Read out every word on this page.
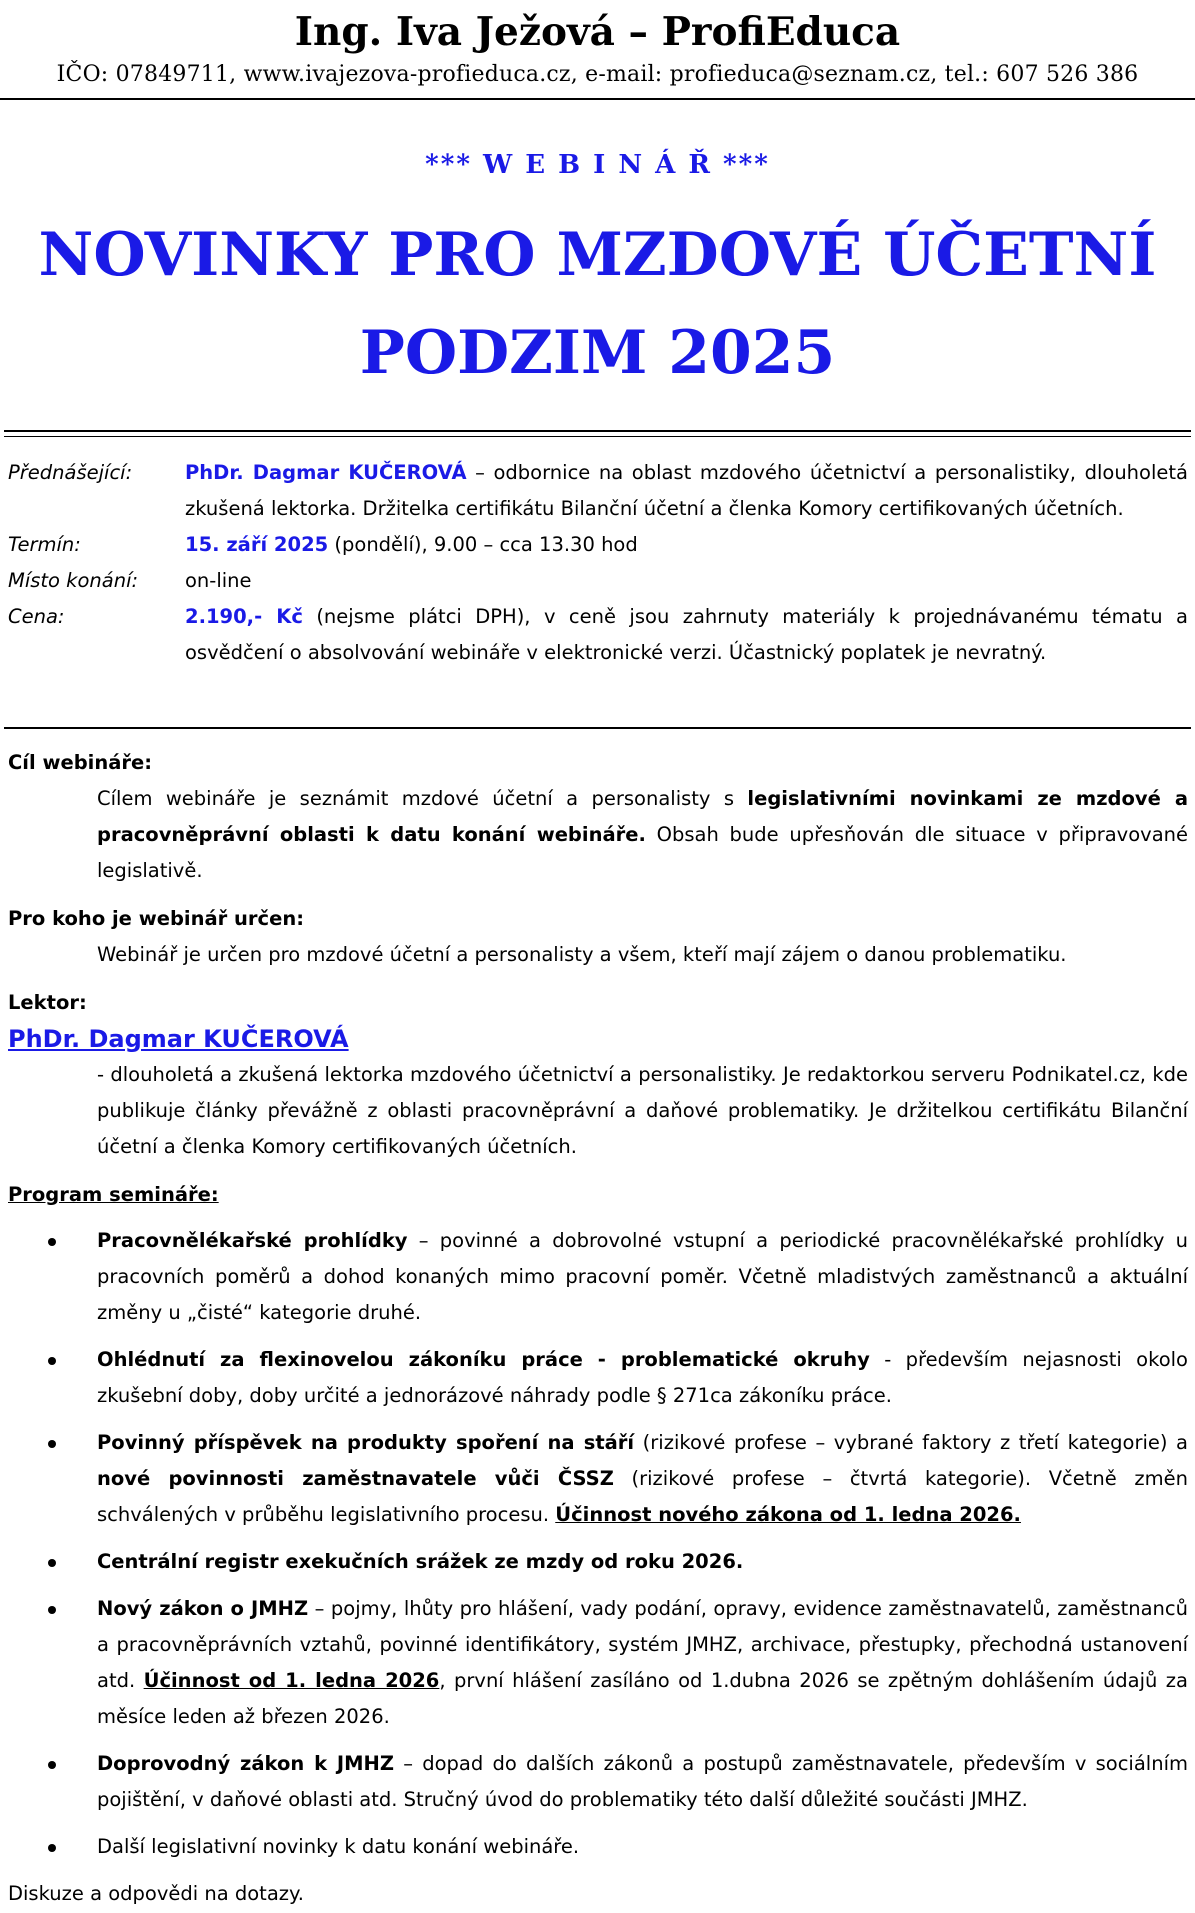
Ing. Iva Ježová – ProfiEduca
IČO: 07849711, www.ivajezova-profieduca.cz, e-mail: profieduca@seznam.cz, tel.: 607 526 386
*** W E B I N Á Ř ***
NOVINKY PRO MZDOVÉ ÚČETNÍ
PODZIM 2025
Přednášející:	PhDr. Dagmar KUČEROVÁ – odbornice na oblast mzdového účetnictví a personalistiky, dlouholetá zkušená lektorka. Držitelka certifikátu Bilanční účetní a členka Komory certifikovaných účetních.
Termín:	15. září 2025 (pondělí), 9.00 – cca 13.30 hod
Místo konání:	on-line
Cena:	2.190,- Kč (nejsme plátci DPH), v ceně jsou zahrnuty materiály k projednávanému tématu a osvědčení o absolvování webináře v elektronické verzi. Účastnický poplatek je nevratný.
Cíl webináře:
Cílem webináře je seznámit mzdové účetní a personalisty s legislativními novinkami ze mzdové a pracovněprávní oblasti k datu konání webináře. Obsah bude upřesňován dle situace v připravované legislativě.
Pro koho je webinář určen:
Webinář je určen pro mzdové účetní a personalisty a všem, kteří mají zájem o danou problematiku.
Lektor:
PhDr. Dagmar KUČEROVÁ
- dlouholetá a zkušená lektorka mzdového účetnictví a personalistiky. Je redaktorkou serveru Podnikatel.cz, kde publikuje články převážně z oblasti pracovněprávní a daňové problematiky. Je držitelkou certifikátu Bilanční účetní a členka Komory certifikovaných účetních.
Program semináře:
Pracovnělékařské prohlídky – povinné a dobrovolné vstupní a periodické pracovnělékařské prohlídky u pracovních poměrů a dohod konaných mimo pracovní poměr. Včetně mladistvých zaměstnanců a aktuální změny u „čisté“ kategorie druhé.
Ohlédnutí za flexinovelou zákoníku práce - problematické okruhy - především nejasnosti okolo zkušební doby, doby určité a jednorázové náhrady podle § 271ca zákoníku práce.
Povinný příspěvek na produkty spoření na stáří (rizikové profese – vybrané faktory z třetí kategorie) a nové povinnosti zaměstnavatele vůči ČSSZ (rizikové profese – čtvrtá kategorie). Včetně změn schválených v průběhu legislativního procesu. Účinnost nového zákona od 1. ledna 2026.
Centrální registr exekučních srážek ze mzdy od roku 2026.
Nový zákon o JMHZ – pojmy, lhůty pro hlášení, vady podání, opravy, evidence zaměstnavatelů, zaměstnanců a pracovněprávních vztahů, povinné identifikátory, systém JMHZ, archivace, přestupky, přechodná ustanovení atd. Účinnost od 1. ledna 2026, první hlášení zasíláno od 1.dubna 2026 se zpětným dohlášením údajů za měsíce leden až březen 2026.
Doprovodný zákon k JMHZ – dopad do dalších zákonů a postupů zaměstnavatele, především v sociálním pojištění, v daňové oblasti atd. Stručný úvod do problematiky této další důležité součásti JMHZ.
Další legislativní novinky k datu konání webináře.
Diskuze a odpovědi na dotazy.
